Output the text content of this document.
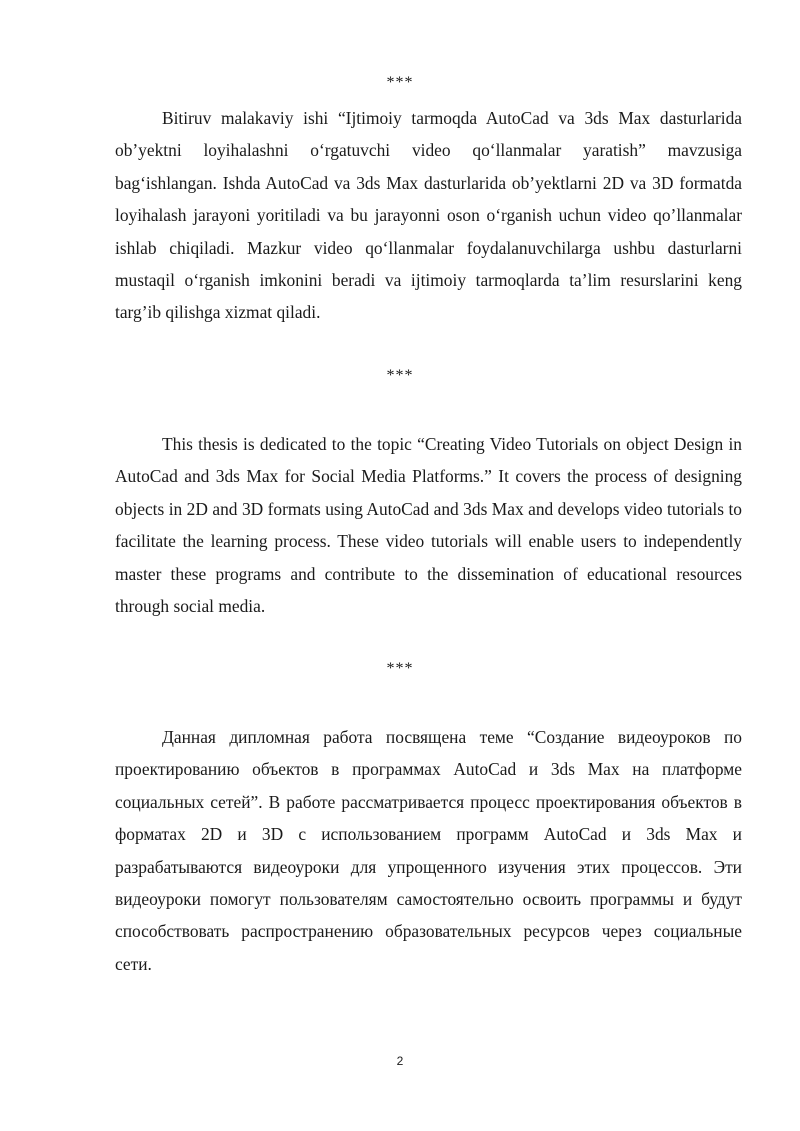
***

Bitiruv malakaviy ishi “Ijtimoiy tarmoqda AutoCad va 3ds Max dasturlarida ob’yektni loyihalashni o‘rgatuvchi video qo‘llanmalar yaratish” mavzusiga bag‘ishlangan. Ishda AutoCad va 3ds Max dasturlarida ob’yektlarni 2D va 3D formatda loyihalash jarayoni yoritiladi va bu jarayonni oson o‘rganish uchun video qo’llanmalar ishlab chiqiladi. Mazkur video qo‘llanmalar foydalanuvchilarga ushbu dasturlarni mustaqil o‘rganish imkonini beradi va ijtimoiy tarmoqlarda ta’lim resurslarini keng targ’ib qilishga xizmat qiladi.

***

This thesis is dedicated to the topic “Creating Video Tutorials on object Design in AutoCad and 3ds Max for Social Media Platforms.” It covers the process of designing objects in 2D and 3D formats using AutoCad and 3ds Max and develops video tutorials to facilitate the learning process. These video tutorials will enable users to independently master these programs and contribute to the dissemination of educational resources through social media.

***

Данная дипломная работа посвящена теме “Создание видеоуроков по проектированию объектов в программах AutoCad и 3ds Max на платформе социальных сетей”. В работе рассматривается процесс проектирования объектов в форматах 2D и 3D с использованием программ AutoCad и 3ds Max и разрабатываются видеоуроки для упрощенного изучения этих процессов. Эти видеоуроки помогут пользователям самостоятельно освоить программы и будут способствовать распространению образовательных ресурсов через социальные сети.

2
